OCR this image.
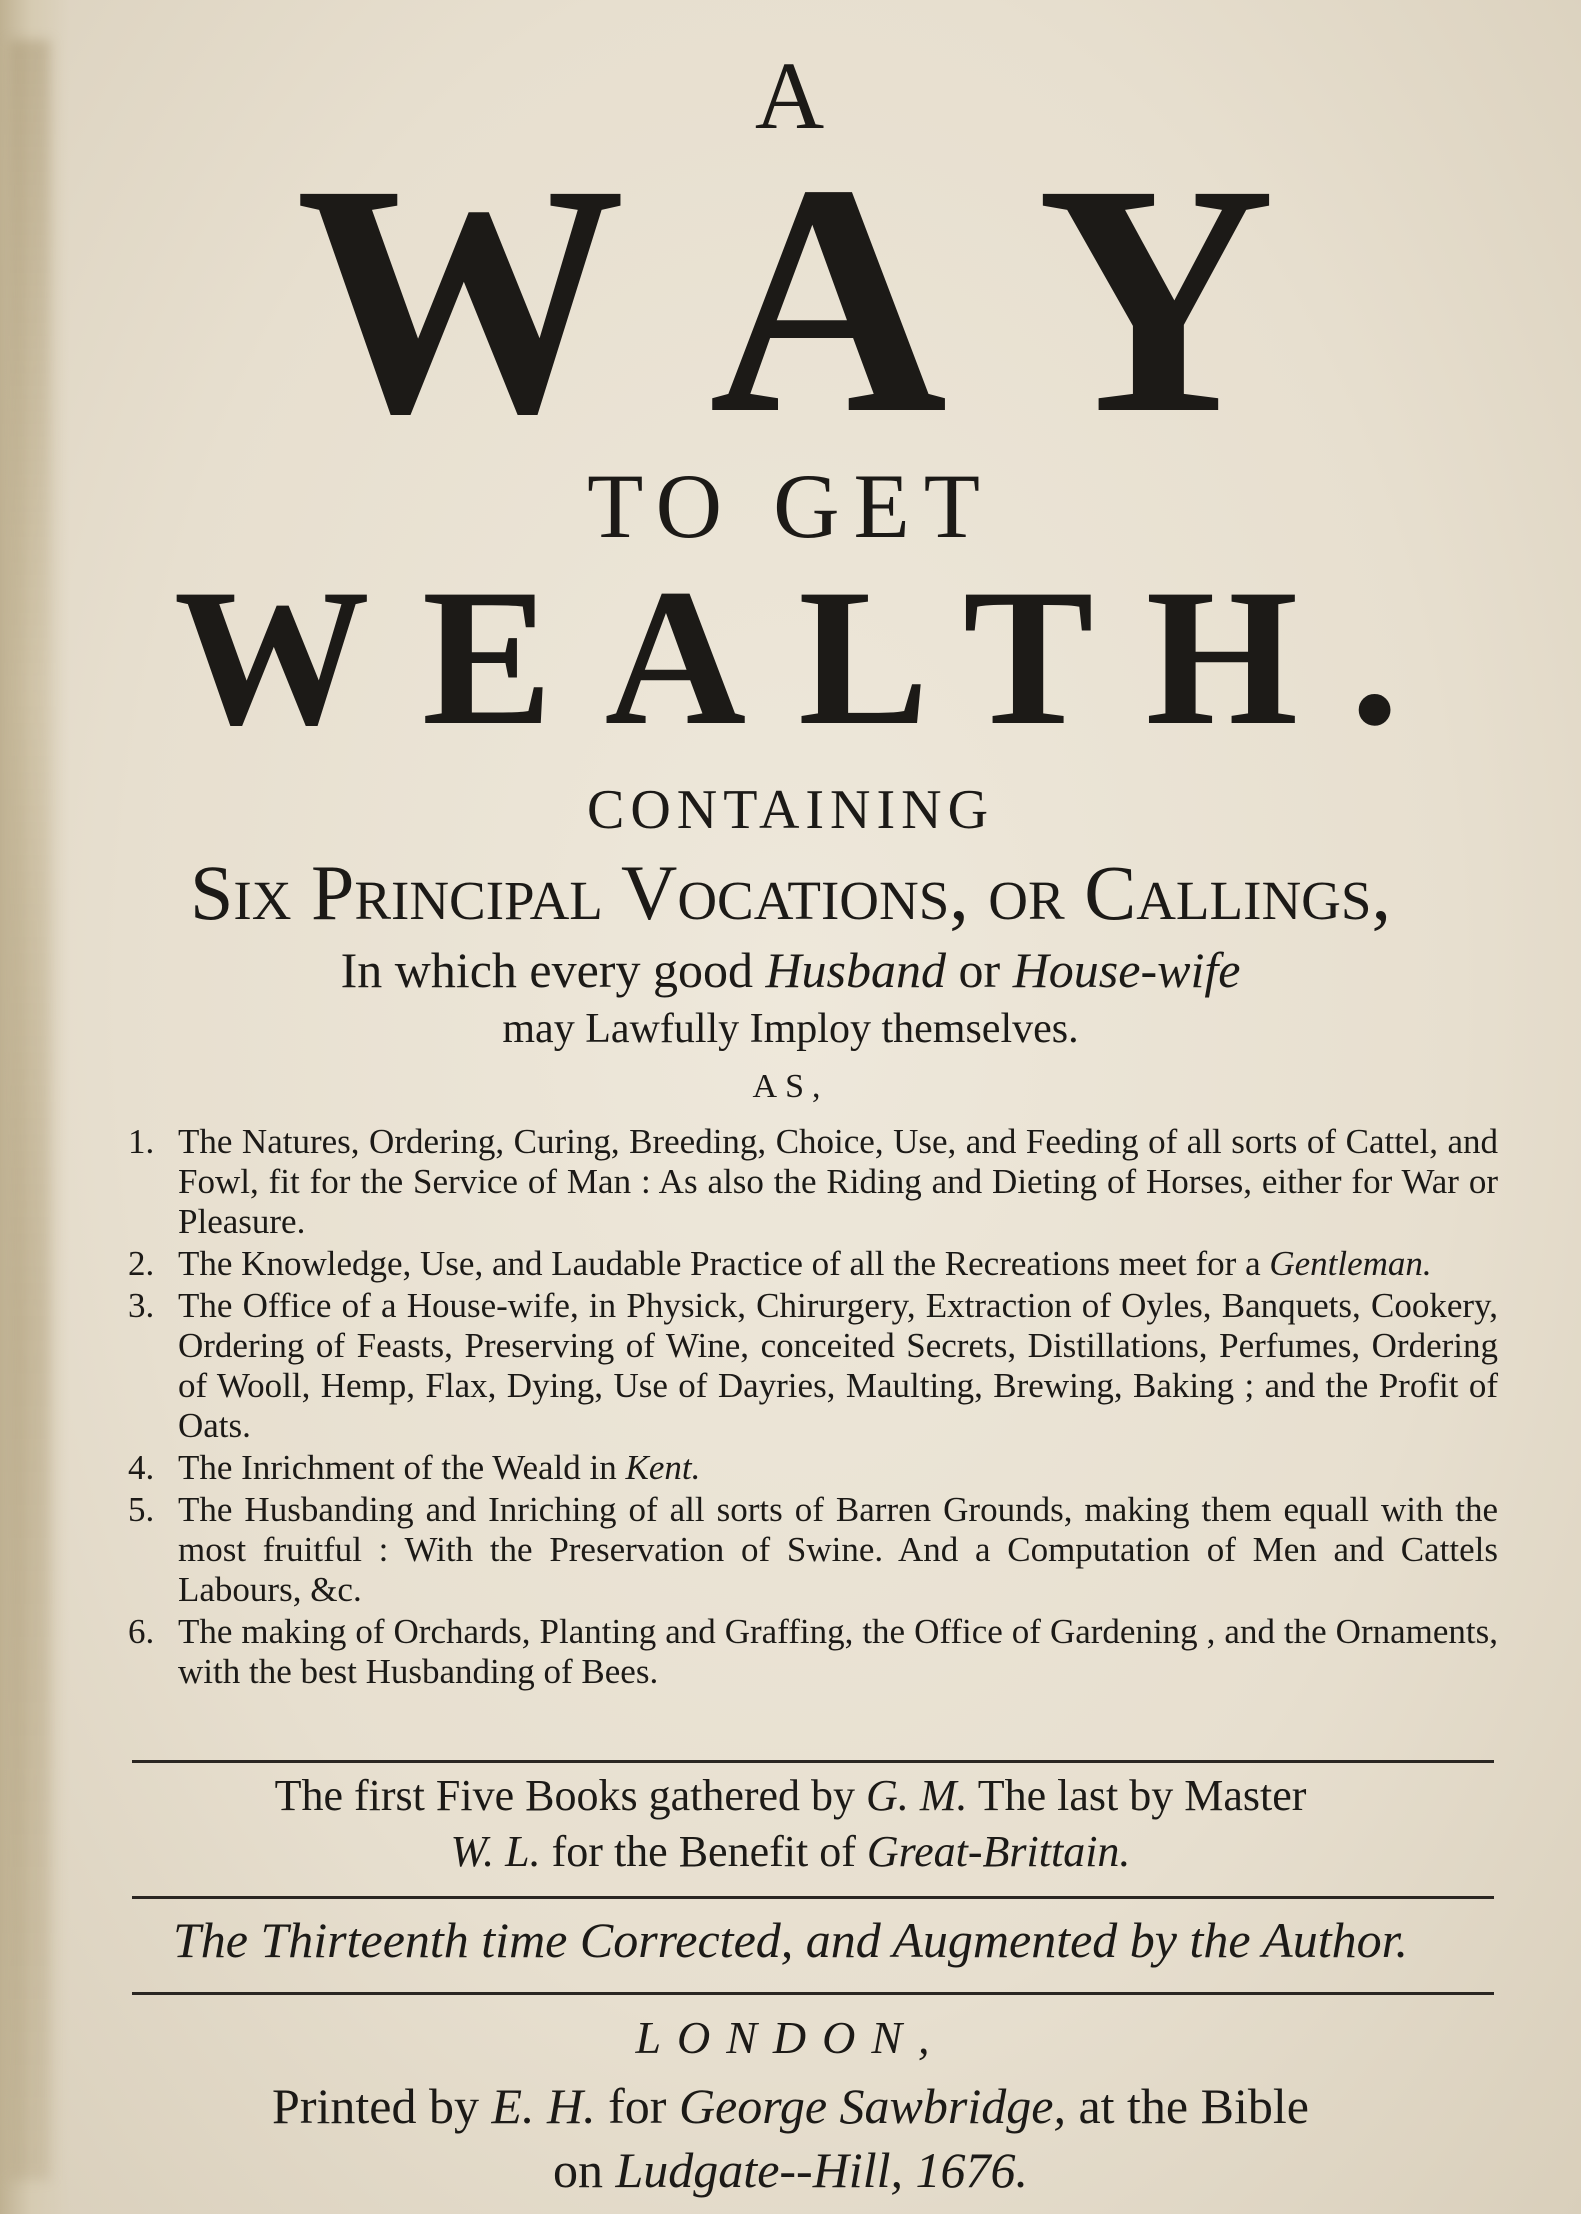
A
WAY
TO GET
WEALTH.
CONTAINING
Six Principal Vocations, or Callings,
In which every good Husband or House-wife
may Lawfully Imploy themselves.
AS,
1. The Natures, Ordering, Curing, Breeding, Choice, Use, and Feeding of all sorts of Cattel, and Fowl, fit for the Service of Man : As also the Riding and Dieting of Horses, either for War or Pleasure.
2. The Knowledge, Use, and Laudable Practice of all the Recreations meet for a Gentleman.
3. The Office of a House-wife, in Physick, Chirurgery, Extraction of Oyles, Banquets, Cookery, Ordering of Feasts, Preserving of Wine, conceited Secrets, Distillations, Perfumes, Ordering of Wooll, Hemp, Flax, Dying, Use of Dayries, Maulting, Brewing, Baking ; and the Profit of Oats.
4. The Inrichment of the Weald in Kent.
5. The Husbanding and Inriching of all sorts of Barren Grounds, making them equall with the most fruitful : With the Preservation of Swine. And a Computation of Men and Cattels Labours, &c.
6. The making of Orchards, Planting and Graffing, the Office of Gardening , and the Ornaments, with the best Husbanding of Bees.
The first Five Books gathered by G. M. The last by Master
W. L. for the Benefit of Great-Brittain.
The Thirteenth time Corrected, and Augmented by the Author.
LONDON,
Printed by E. H. for George Sawbridge, at the Bible
on Ludgate--Hill, 1676.
